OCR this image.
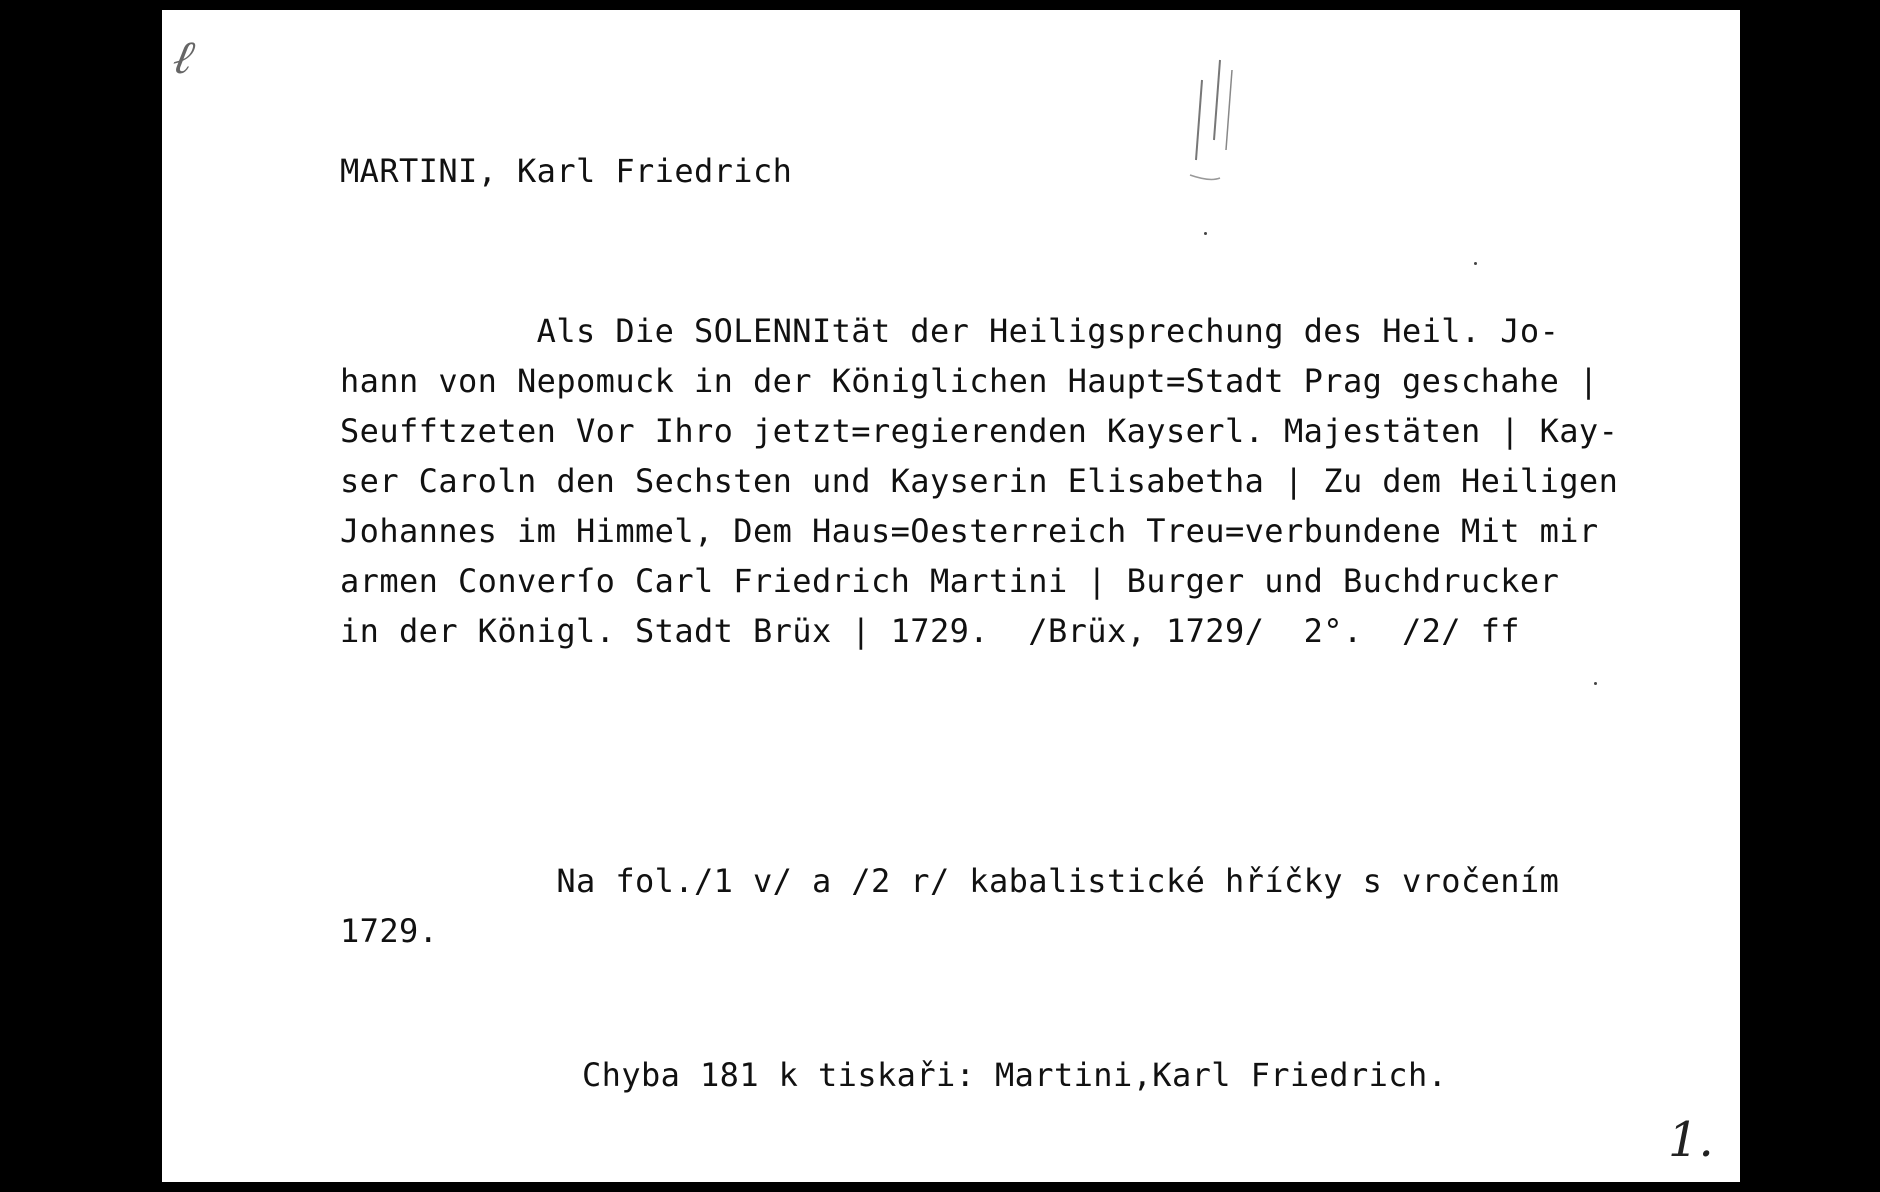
ℓ
MARTINI, Karl Friedrich
Als Die SOLENNItät der Heiligsprechung des Heil. Jo-
hann von Nepomuck in der Königlichen Haupt=Stadt Prag geschahe |
Seufftzeten Vor Ihro jetzt=regierenden Kayserl. Majestäten | Kay-
ser Caroln den Sechsten und Kayserin Elisabetha | Zu dem Heiligen
Johannes im Himmel, Dem Haus=Oesterreich Treu=verbundene Mit mir
armen Converſo Carl Friedrich Martini | Burger und Buchdrucker
in der Königl. Stadt Brüx | 1729.  /Brüx, 1729/  2°.  /2/ ff
Na fol./1 v/ a /2 r/ kabalistické hříčky s vročením
1729.
Chyba 181 k tiskaři: Martini,Karl Friedrich.
1.
